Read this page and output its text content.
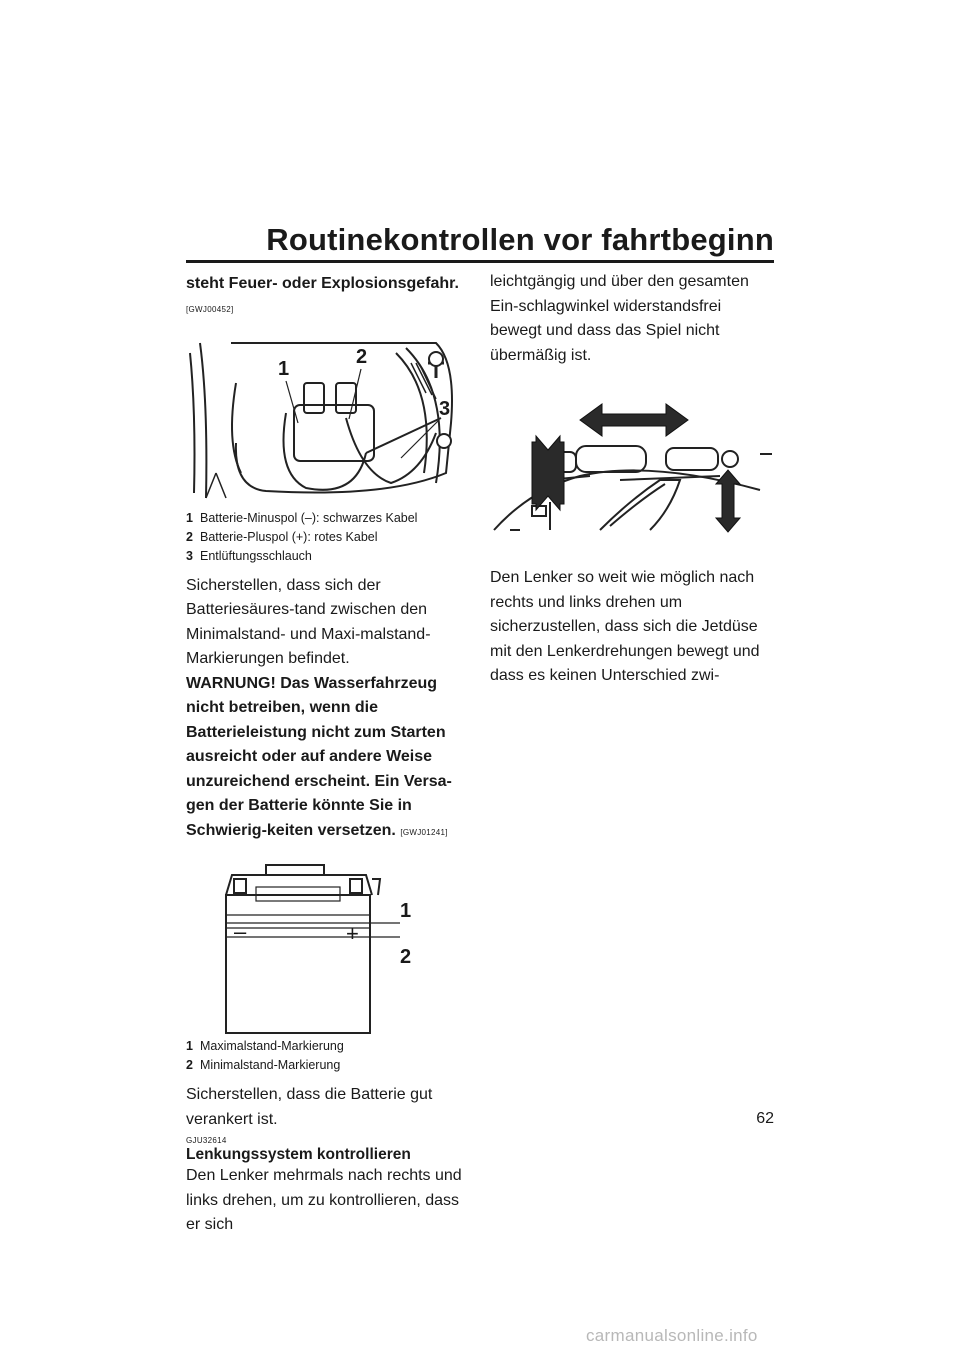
Routinekontrollen vor fahrtbeginn

steht Feuer- oder Explosionsgefahr.

[GWJ00452]

1
2
3
1 Batterie-Minuspol (–): schwarzes Kabel
2 Batterie-Pluspol (+): rotes Kabel
3 Entlüftungsschlauch

Sicherstellen, dass sich der Batteriesäures-tand zwischen den Minimalstand- und Maxi-malstand-Markierungen befindet.

WARNUNG! Das Wasserfahrzeug nicht betreiben, wenn die Batterieleistung nicht zum Starten ausreicht oder auf andere Weise unzureichend erscheint. Ein Versa-gen der Batterie könnte Sie in Schwierig-keiten versetzen. [GWJ01241]

–	+
1
2
1 Maximalstand-Markierung
2 Minimalstand-Markierung

Sicherstellen, dass die Batterie gut verankert ist.

GJU32614

Lenkungssystem kontrollieren

Den Lenker mehrmals nach rechts und links drehen, um zu kontrollieren, dass er sich

leichtgängig und über den gesamten Ein-schlagwinkel widerstandsfrei bewegt und dass das Spiel nicht übermäßig ist.

Den Lenker so weit wie möglich nach rechts und links drehen um sicherzustellen, dass sich die Jetdüse mit den Lenkerdrehungen bewegt und dass es keinen Unterschied zwi-

62
carmanualsonline.info
